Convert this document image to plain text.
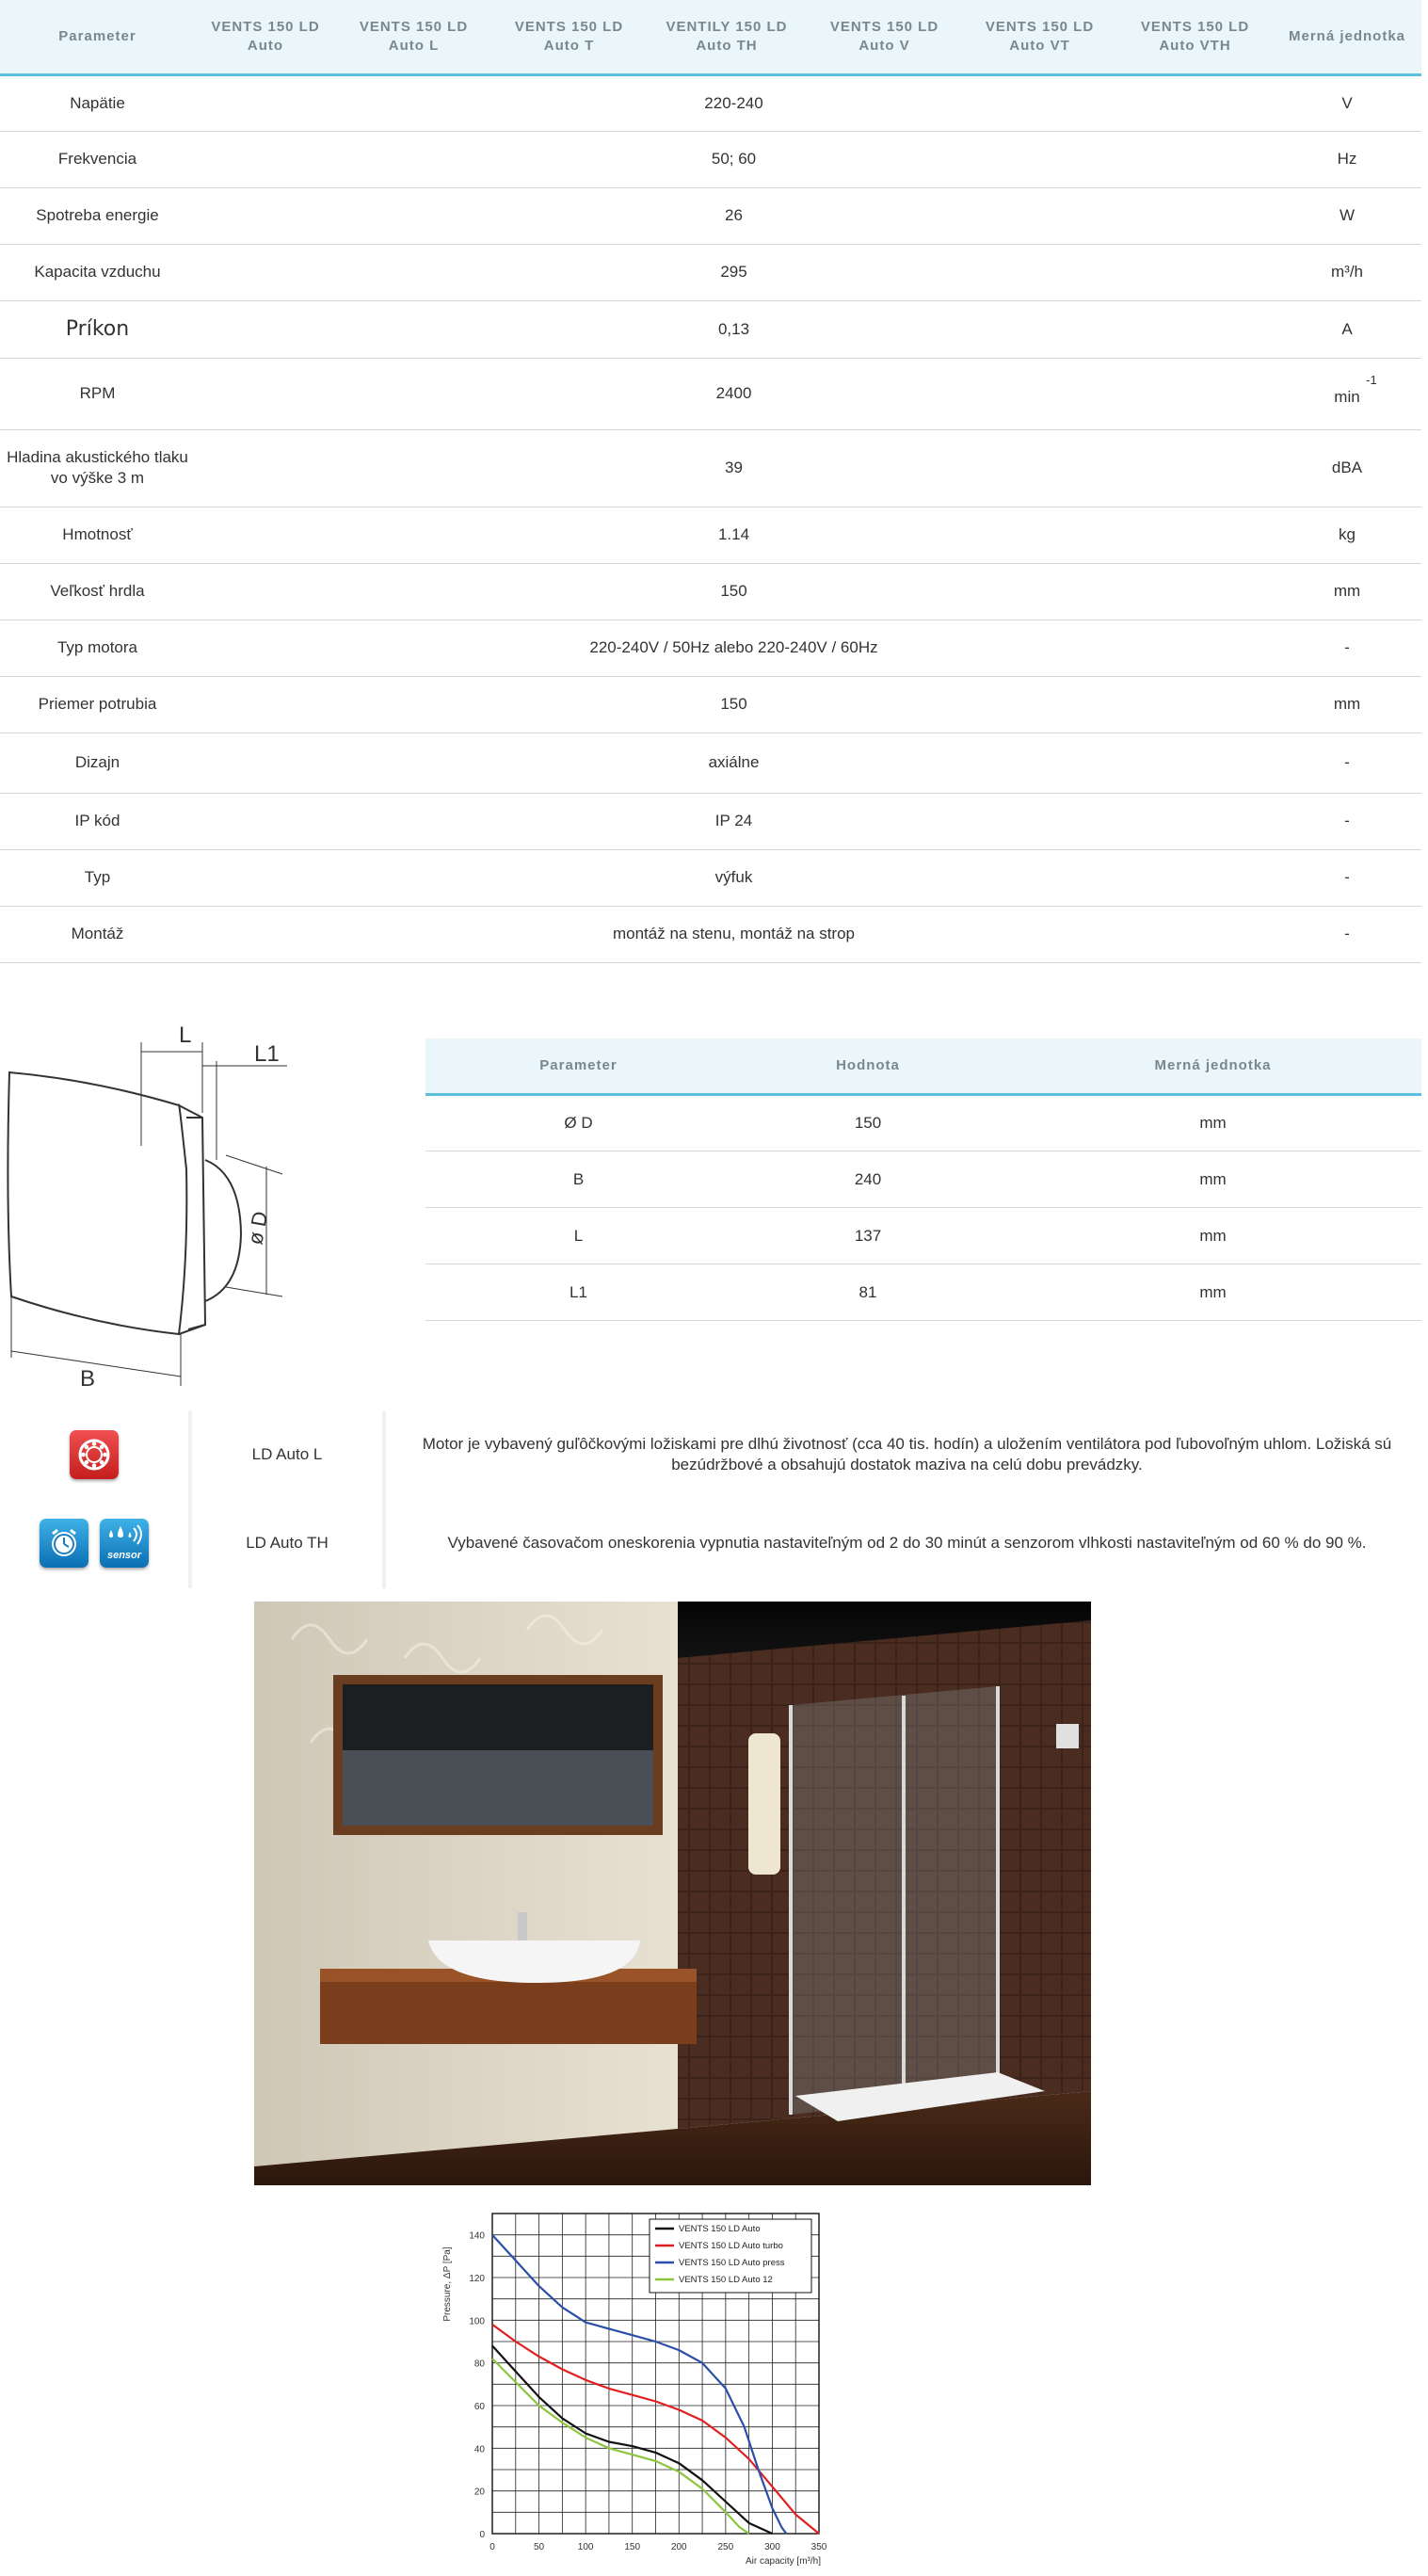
Parameter	VENTS 150 LD Auto	VENTS 150 LD Auto L	VENTS 150 LD Auto T	VENTILY 150 LD Auto TH	VENTS 150 LD Auto V	VENTS 150 LD Auto VT	VENTS 150 LD Auto VTH	Merná jednotka
Napätie	220-240							V
Frekvencia	50; 60							Hz
Spotreba energie	26							W
Kapacita vzduchu	295							m³/h
Príkon	0,13							A
RPM	2400							min
-1

Hladina akustického tlaku vo výške 3 m	39							dBA
Hmotnosť	1.14							kg
Veľkosť hrdla	150							mm
Typ motora	220-240V / 50Hz alebo 220-240V / 60Hz							-
Priemer potrubia	150							mm
Dizajn	axiálne							-
IP kód	IP 24							-
Typ	výfuk							-
Montáž	montáž na stenu, montáž na strop							-
L
L1
ø D
B
Parameter	Hodnota	Merná jednotka
Ø D	150	mm
B	240	mm
L	137	mm
L1	81	mm
LD Auto L
Motor je vybavený guľôčkovými ložiskami pre dlhú životnosť (cca 40 tis. hodín) a uložením ventilátora pod ľubovoľným uhlom. Ložiská sú bezúdržbové a obsahujú dostatok maziva na celú dobu prevádzky.
sensor
LD Auto TH	Vybavené časovačom oneskorenia vypnutia nastaviteľným od 2 do 30 minút a senzorom vlhkosti nastaviteľným od 60 % do 90 %.
0	50	100	150	200	250	300	350
0
20
40
60
80
100
120
140
VENTS 150 LD Auto
VENTS 150 LD Auto turbo
VENTS 150 LD Auto press
VENTS 150 LD Auto 12
Pressure, ΔP [Pa]
Air capacity [m³/h]
